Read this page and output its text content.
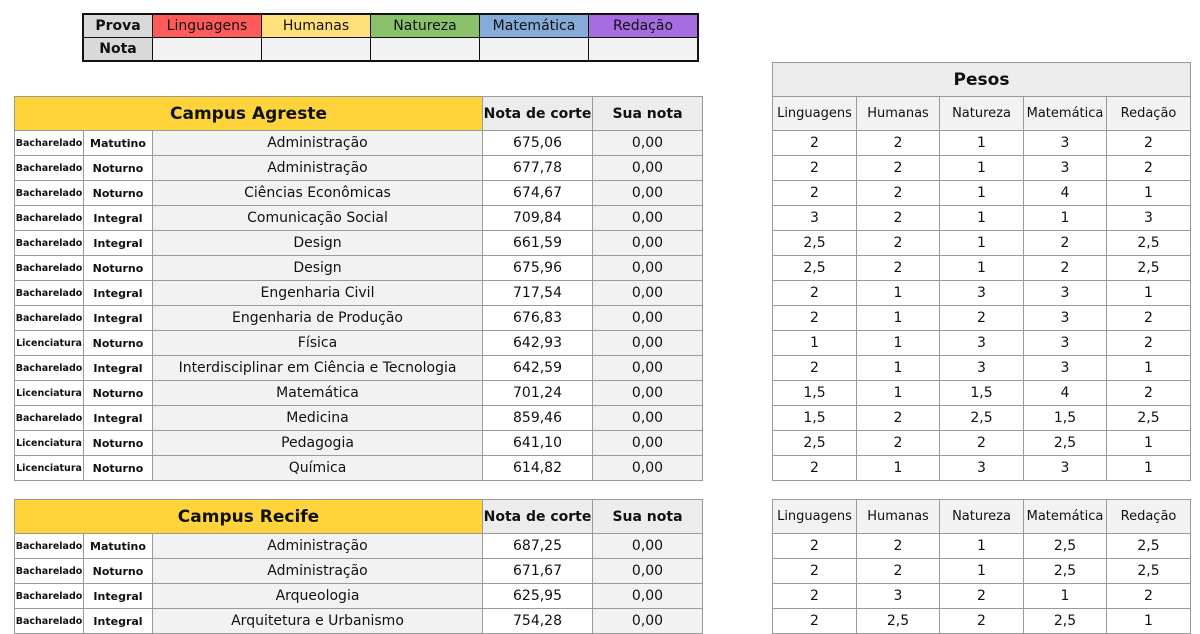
Prova	Linguagens	Humanas	Natureza	Matemática	Redação
Nota					
Campus Agreste			Nota de corte	Sua nota
Bacharelado	Matutino	Administração	675,06	0,00
Bacharelado	Noturno	Administração	677,78	0,00
Bacharelado	Noturno	Ciências Econômicas	674,67	0,00
Bacharelado	Integral	Comunicação Social	709,84	0,00
Bacharelado	Integral	Design	661,59	0,00
Bacharelado	Noturno	Design	675,96	0,00
Bacharelado	Integral	Engenharia Civil	717,54	0,00
Bacharelado	Integral	Engenharia de Produção	676,83	0,00
Licenciatura	Noturno	Física	642,93	0,00
Bacharelado	Integral	Interdisciplinar em Ciência e Tecnologia	642,59	0,00
Licenciatura	Noturno	Matemática	701,24	0,00
Bacharelado	Integral	Medicina	859,46	0,00
Licenciatura	Noturno	Pedagogia	641,10	0,00
Licenciatura	Noturno	Química	614,82	0,00
Campus Recife			Nota de corte	Sua nota
Bacharelado	Matutino	Administração	687,25	0,00
Bacharelado	Noturno	Administração	671,67	0,00
Bacharelado	Integral	Arqueologia	625,95	0,00
Bacharelado	Integral	Arquitetura e Urbanismo	754,28	0,00
Pesos				
Linguagens	Humanas	Natureza	Matemática	Redação
2	2	1	3	2
2	2	1	3	2
2	2	1	4	1
3	2	1	1	3
2,5	2	1	2	2,5
2,5	2	1	2	2,5
2	1	3	3	1
2	1	2	3	2
1	1	3	3	2
2	1	3	3	1
1,5	1	1,5	4	2
1,5	2	2,5	1,5	2,5
2,5	2	2	2,5	1
2	1	3	3	1
Linguagens	Humanas	Natureza	Matemática	Redação
2	2	1	2,5	2,5
2	2	1	2,5	2,5
2	3	2	1	2
2	2,5	2	2,5	1
